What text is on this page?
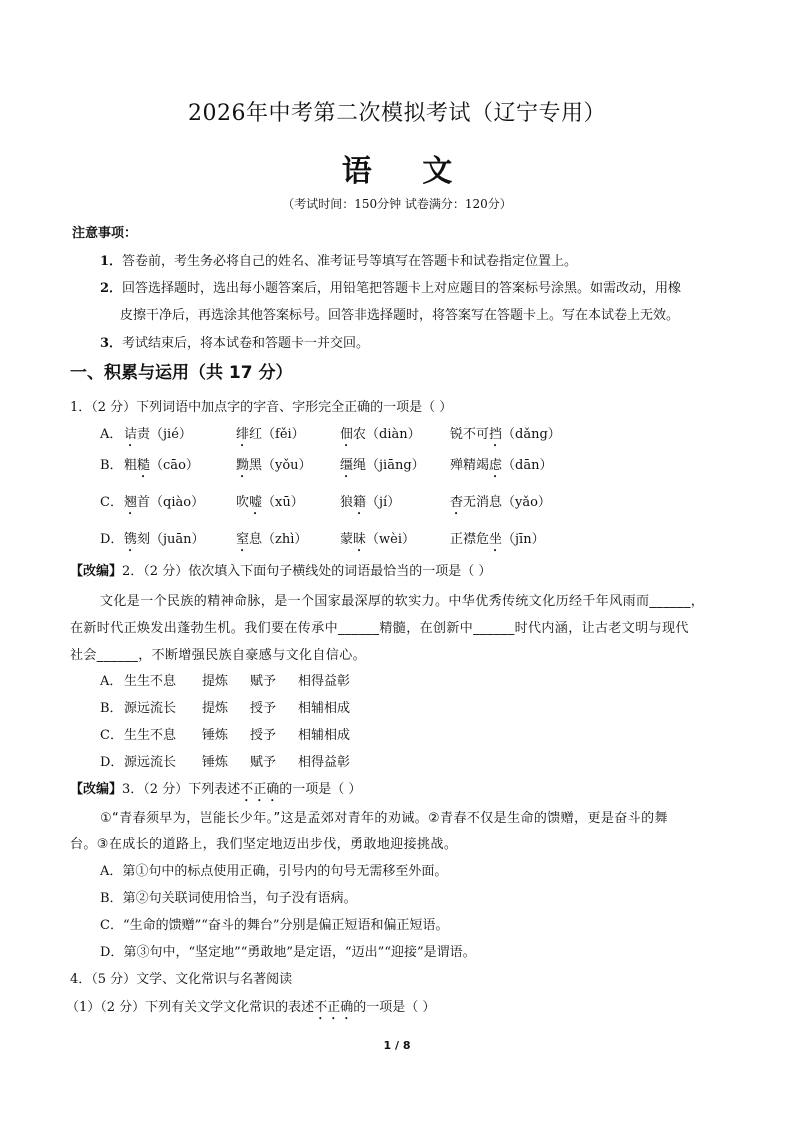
2026年中考第二次模拟考试（辽宁专用）
语 文
（考试时间：150分钟 试卷满分：120分）
注意事项：
1．答卷前，考生务必将自己的姓名、准考证号等填写在答题卡和试卷指定位置上。
2．回答选择题时，选出每小题答案后，用铅笔把答题卡上对应题目的答案标号涂黑。如需改动，用橡
皮擦干净后，再选涂其他答案标号。回答非选择题时，将答案写在答题卡上。写在本试卷上无效。
3．考试结束后，将本试卷和答题卡一并交回。
一、积累与运用（共 17 分）
1．（2 分）下列词语中加点字的字音、字形完全正确的一项是（ ）
A． 诘责（jié）	绯红（fěi）	佃农（diàn） 锐不可挡（dǎng）
B． 粗糙（cāo）	黝黑（yǒu） 缰绳（jiāng） 殚精竭虑（dān）
C． 翘首（qiào） 吹嘘（xū）	狼籍（jí）	杳无消息（yǎo）
D． 镌刻（juān） 窒息（zhì）	蒙昧（wèi）	正襟危坐（jīn）
【改编】2．（2 分）依次填入下面句子横线处的词语最恰当的一项是（ ）
文化是一个民族的精神命脉，是一个国家最深厚的软实力。中华优秀传统文化历经千年风雨而______，
在新时代正焕发出蓬勃生机。我们要在传承中______精髓，在创新中______时代内涵，让古老文明与现代
社会______，不断增强民族自豪感与文化自信心。
A． 生生不息 提炼 赋予 相得益彰
B． 源远流长 提炼 授予 相辅相成
C． 生生不息 锤炼 授予 相辅相成
D． 源远流长 锤炼 赋予 相得益彰
【改编】3．（2 分）下列表述不正确的一项是（ ）
①“青春须早为，岂能长少年。”这是孟郊对青年的劝诫。②青春不仅是生命的馈赠，更是奋斗的舞
台。③在成长的道路上，我们坚定地迈出步伐，勇敢地迎接挑战。
A．第①句中的标点使用正确，引号内的句号无需移至外面。
B．第②句关联词使用恰当，句子没有语病。
C．“生命的馈赠”“奋斗的舞台”分别是偏正短语和偏正短语。
D．第③句中，“坚定地”“勇敢地”是定语，“迈出”“迎接”是谓语。
4．（5 分）文学、文化常识与名著阅读
（1）（2 分）下列有关文学文化常识的表述不正确的一项是（ ）
1 / 8
